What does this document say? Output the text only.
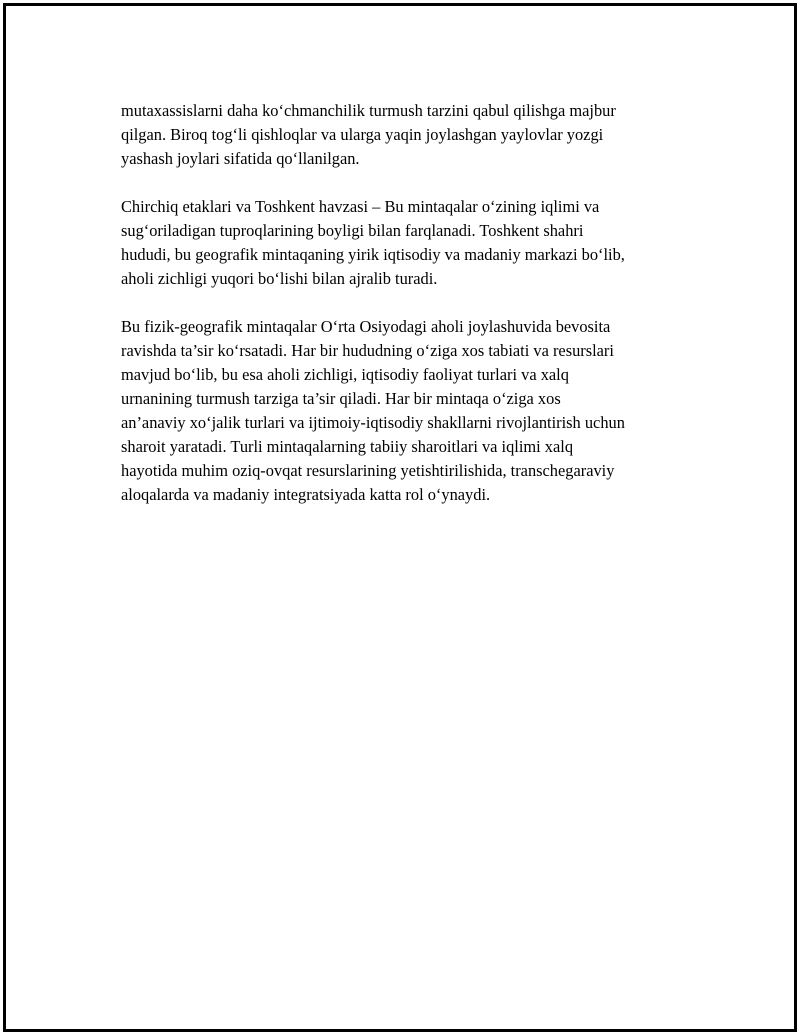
mutaxassislarni daha ko‘chmanchilik turmush tarzini qabul qilishga majbur
qilgan. Biroq tog‘li qishloqlar va ularga yaqin joylashgan yaylovlar yozgi
yashash joylari sifatida qo‘llanilgan.

Chirchiq etaklari va Toshkent havzasi – Bu mintaqalar o‘zining iqlimi va
sug‘oriladigan tuproqlarining boyligi bilan farqlanadi. Toshkent shahri
hududi, bu geografik mintaqaning yirik iqtisodiy va madaniy markazi bo‘lib,
aholi zichligi yuqori bo‘lishi bilan ajralib turadi.

Bu fizik-geografik mintaqalar O‘rta Osiyodagi aholi joylashuvida bevosita
ravishda ta’sir ko‘rsatadi. Har bir hududning o‘ziga xos tabiati va resurslari
mavjud bo‘lib, bu esa aholi zichligi, iqtisodiy faoliyat turlari va xalq
urnanining turmush tarziga ta’sir qiladi. Har bir mintaqa o‘ziga xos
an’anaviy xo‘jalik turlari va ijtimoiy-iqtisodiy shakllarni rivojlantirish uchun
sharoit yaratadi. Turli mintaqalarning tabiiy sharoitlari va iqlimi xalq
hayotida muhim oziq-ovqat resurslarining yetishtirilishida, transchegaraviy
aloqalarda va madaniy integratsiyada katta rol o‘ynaydi.
